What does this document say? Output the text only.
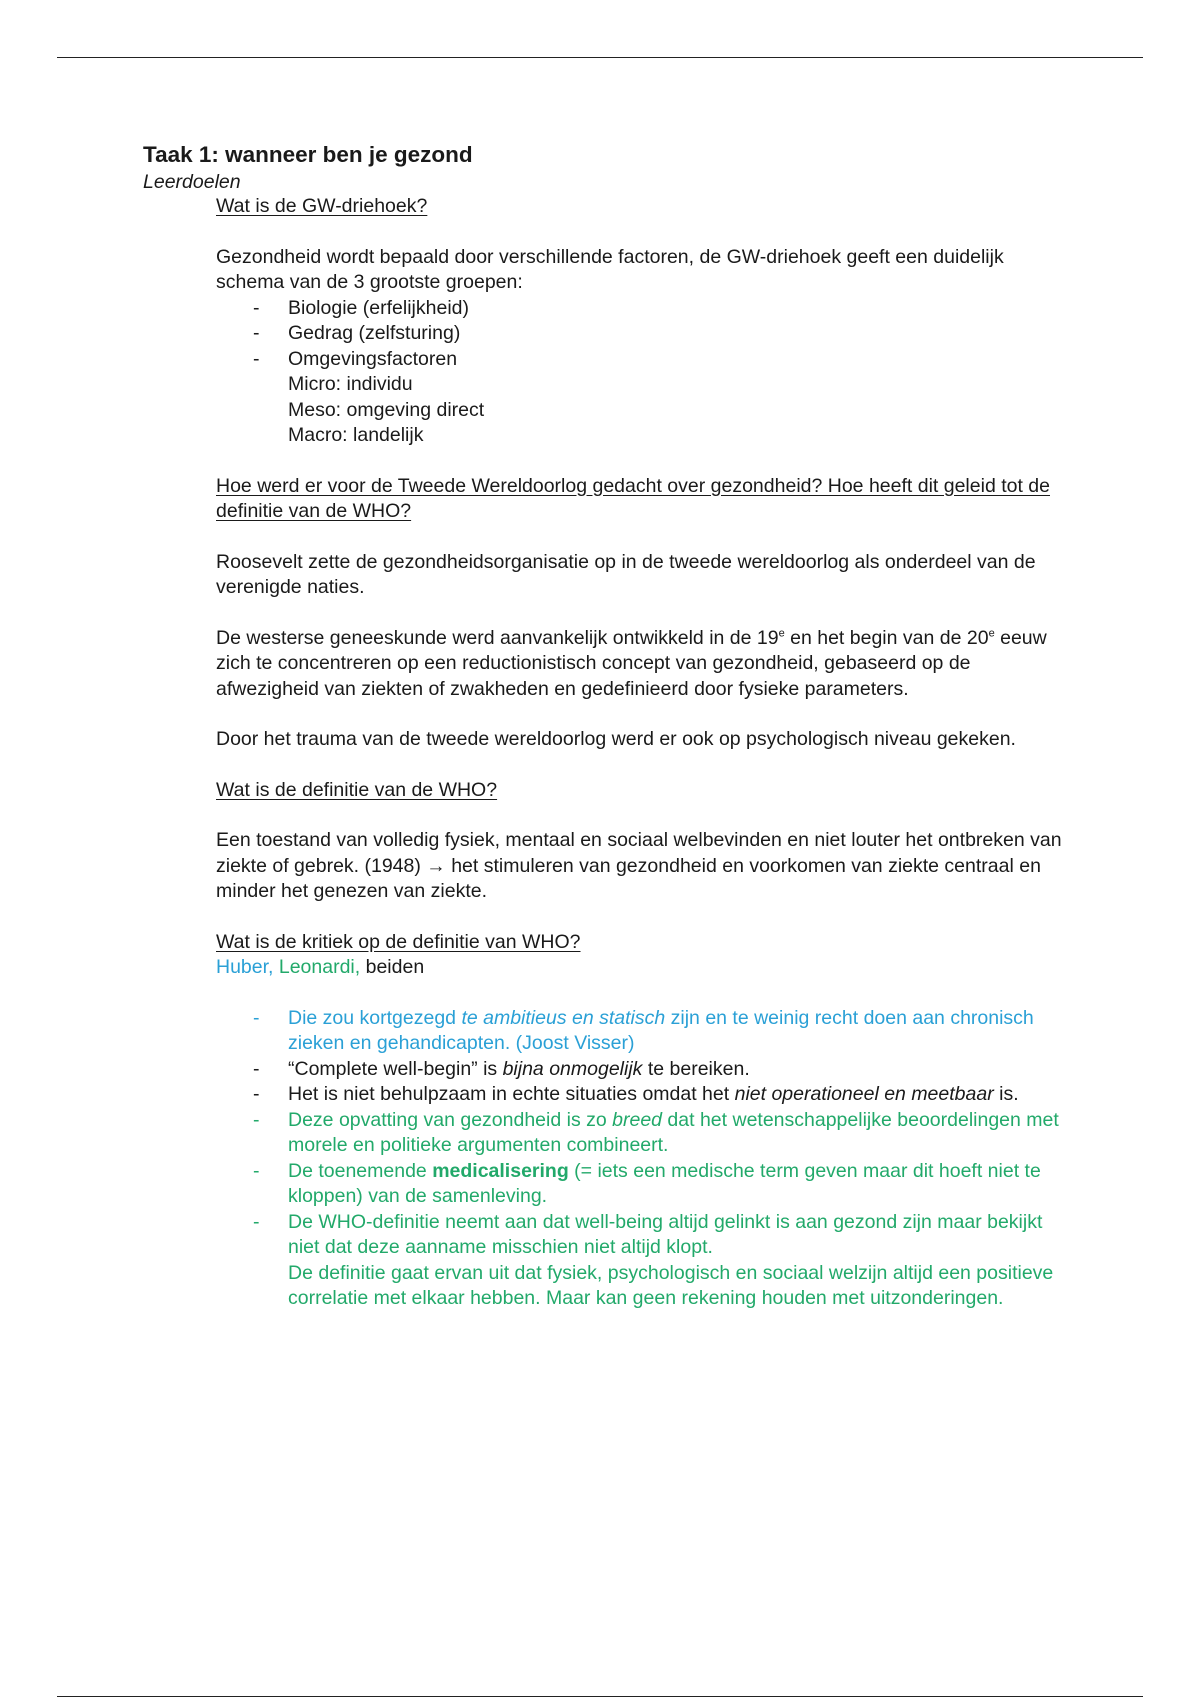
Taak 1: wanneer ben je gezond
Leerdoelen
Wat is de GW-driehoek?
Gezondheid wordt bepaald door verschillende factoren, de GW-driehoek geeft een duidelijk schema van de 3 grootste groepen:
- Biologie (erfelijkheid)
- Gedrag (zelfsturing)
- Omgevingsfactoren
Micro: individu
Meso: omgeving direct
Macro: landelijk
Hoe werd er voor de Tweede Wereldoorlog gedacht over gezondheid? Hoe heeft dit geleid tot de definitie van de WHO?
Roosevelt zette de gezondheidsorganisatie op in de tweede wereldoorlog als onderdeel van de verenigde naties.
De westerse geneeskunde werd aanvankelijk ontwikkeld in de 19e en het begin van de 20e eeuw zich te concentreren op een reductionistisch concept van gezondheid, gebaseerd op de afwezigheid van ziekten of zwakheden en gedefinieerd door fysieke parameters.
Door het trauma van de tweede wereldoorlog werd er ook op psychologisch niveau gekeken.
Wat is de definitie van de WHO?
Een toestand van volledig fysiek, mentaal en sociaal welbevinden en niet louter het ontbreken van ziekte of gebrek. (1948) → het stimuleren van gezondheid en voorkomen van ziekte centraal en minder het genezen van ziekte.
Wat is de kritiek op de definitie van WHO?
Huber, Leonardi, beiden
- Die zou kortgezegd te ambitieus en statisch zijn en te weinig recht doen aan chronisch zieken en gehandicapten. (Joost Visser)
- “Complete well-begin” is bijna onmogelijk te bereiken.
- Het is niet behulpzaam in echte situaties omdat het niet operationeel en meetbaar is.
- Deze opvatting van gezondheid is zo breed dat het wetenschappelijke beoordelingen met morele en politieke argumenten combineert.
- De toenemende medicalisering (= iets een medische term geven maar dit hoeft niet te kloppen) van de samenleving.
- De WHO-definitie neemt aan dat well-being altijd gelinkt is aan gezond zijn maar bekijkt niet dat deze aanname misschien niet altijd klopt.
De definitie gaat ervan uit dat fysiek, psychologisch en sociaal welzijn altijd een positieve correlatie met elkaar hebben. Maar kan geen rekening houden met uitzonderingen.
